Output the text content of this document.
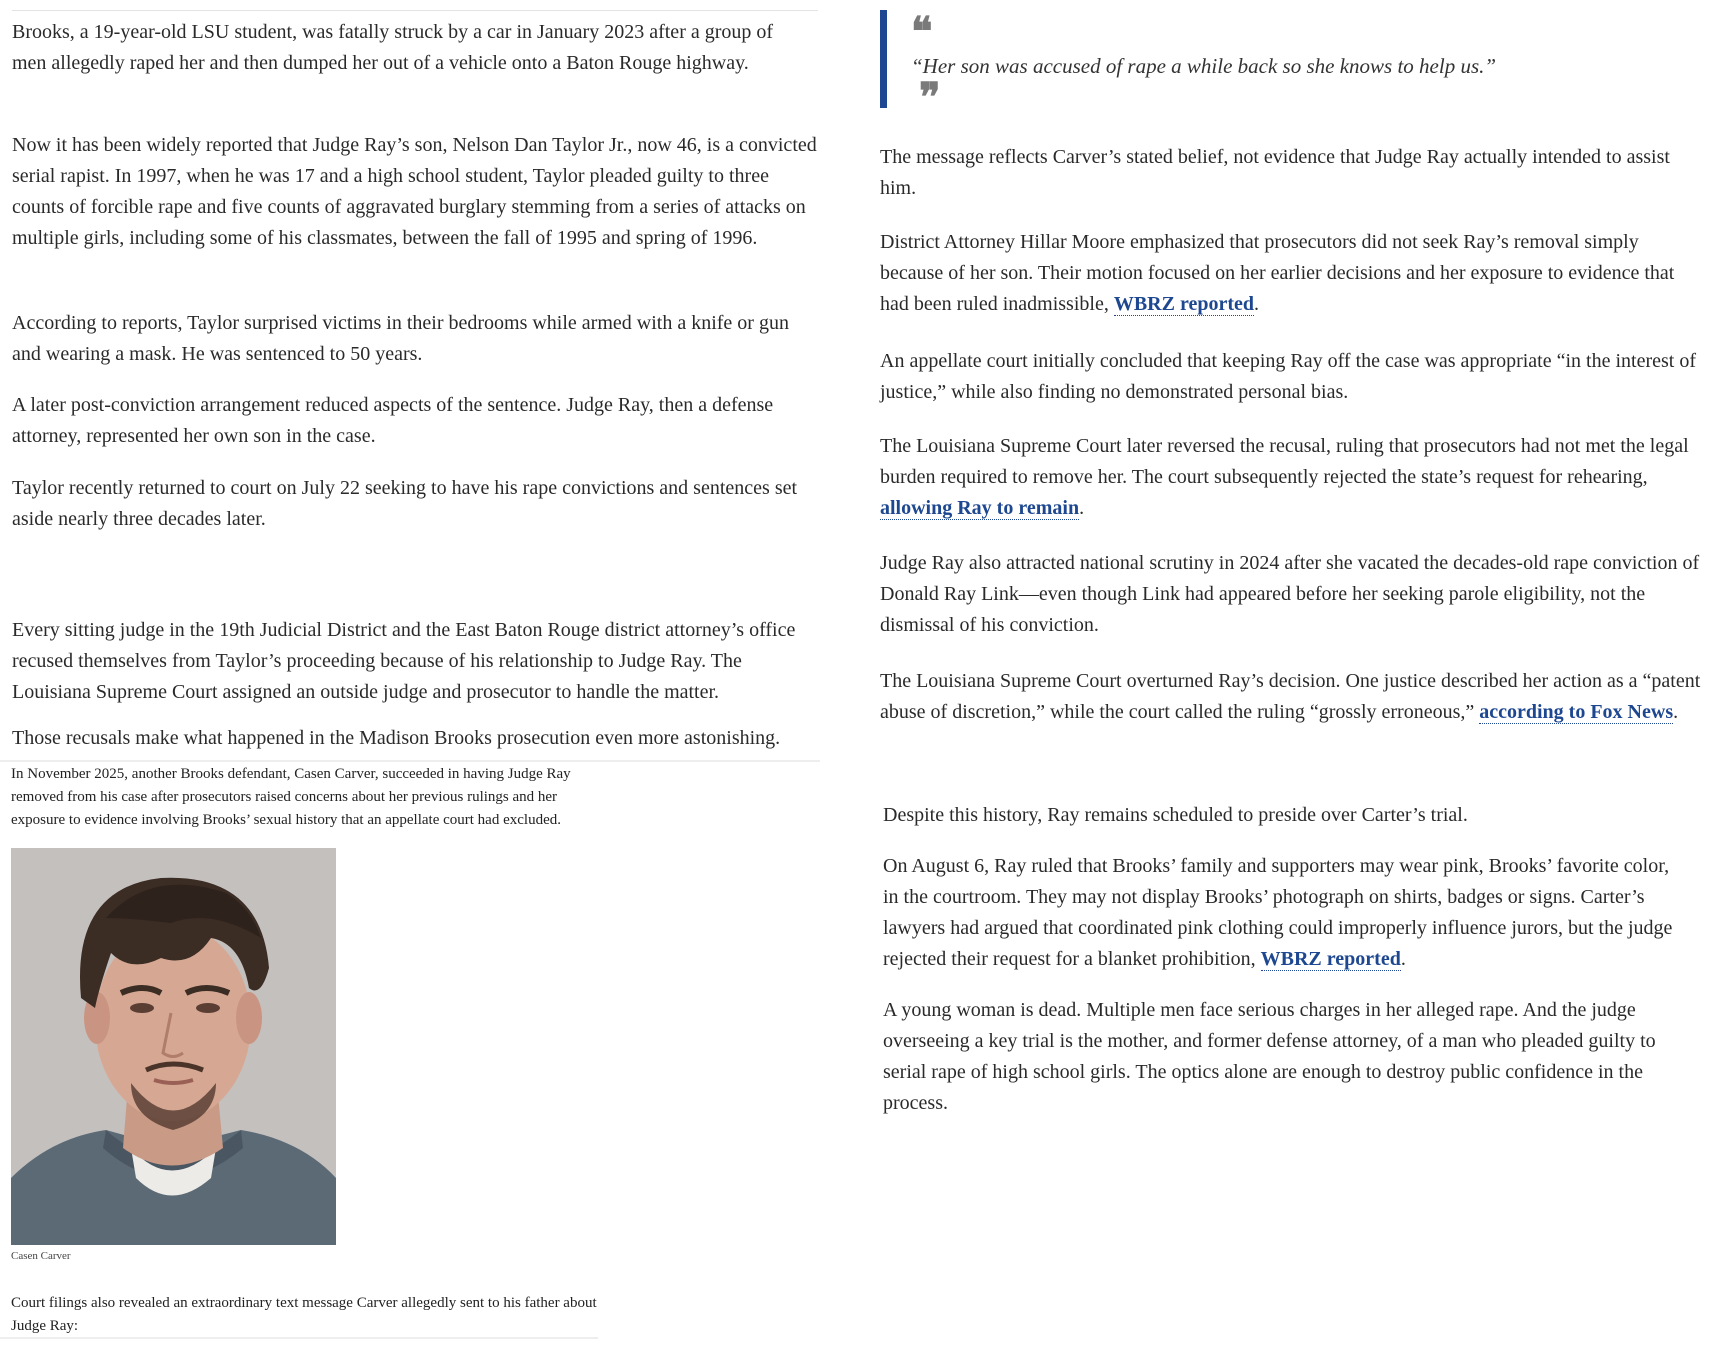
Brooks, a 19-year-old LSU student, was fatally struck by a car in January 2023 after a group of men allegedly raped her and then dumped her out of a vehicle onto a Baton Rouge highway.

Now it has been widely reported that Judge Ray’s son, Nelson Dan Taylor Jr., now 46, is a convicted serial rapist. In 1997, when he was 17 and a high school student, Taylor pleaded guilty to three counts of forcible rape and five counts of aggravated burglary stemming from a series of attacks on multiple girls, including some of his classmates, between the fall of 1995 and spring of 1996.

According to reports, Taylor surprised victims in their bedrooms while armed with a knife or gun and wearing a mask. He was sentenced to 50 years.

A later post-conviction arrangement reduced aspects of the sentence. Judge Ray, then a defense attorney, represented her own son in the case.

Taylor recently returned to court on July 22 seeking to have his rape convictions and sentences set aside nearly three decades later.

Every sitting judge in the 19th Judicial District and the East Baton Rouge district attorney’s office recused themselves from Taylor’s proceeding because of his relationship to Judge Ray. The Louisiana Supreme Court assigned an outside judge and prosecutor to handle the matter.

Those recusals make what happened in the Madison Brooks prosecution even more astonishing.

In November 2025, another Brooks defendant, Casen Carver, succeeded in having Judge Ray removed from his case after prosecutors raised concerns about her previous rulings and her exposure to evidence involving Brooks’ sexual history that an appellate court had excluded.

Casen Carver

Court filings also revealed an extraordinary text message Carver allegedly sent to his father about Judge Ray:

❝

“Her son was accused of rape a while back so she knows to help us.”

❞

The message reflects Carver’s stated belief, not evidence that Judge Ray actually intended to assist him.

District Attorney Hillar Moore emphasized that prosecutors did not seek Ray’s removal simply because of her son. Their motion focused on her earlier decisions and her exposure to evidence that had been ruled inadmissible, WBRZ reported.

An appellate court initially concluded that keeping Ray off the case was appropriate “in the interest of justice,” while also finding no demonstrated personal bias.

The Louisiana Supreme Court later reversed the recusal, ruling that prosecutors had not met the legal burden required to remove her. The court subsequently rejected the state’s request for rehearing, allowing Ray to remain.

Judge Ray also attracted national scrutiny in 2024 after she vacated the decades-old rape conviction of Donald Ray Link—even though Link had appeared before her seeking parole eligibility, not the dismissal of his conviction.

The Louisiana Supreme Court overturned Ray’s decision. One justice described her action as a “patent abuse of discretion,” while the court called the ruling “grossly erroneous,” according to Fox News.

Despite this history, Ray remains scheduled to preside over Carter’s trial.

On August 6, Ray ruled that Brooks’ family and supporters may wear pink, Brooks’ favorite color, in the courtroom. They may not display Brooks’ photograph on shirts, badges or signs. Carter’s lawyers had argued that coordinated pink clothing could improperly influence jurors, but the judge rejected their request for a blanket prohibition, WBRZ reported.

A young woman is dead. Multiple men face serious charges in her alleged rape. And the judge overseeing a key trial is the mother, and former defense attorney, of a man who pleaded guilty to serial rape of high school girls. The optics alone are enough to destroy public confidence in the process.
